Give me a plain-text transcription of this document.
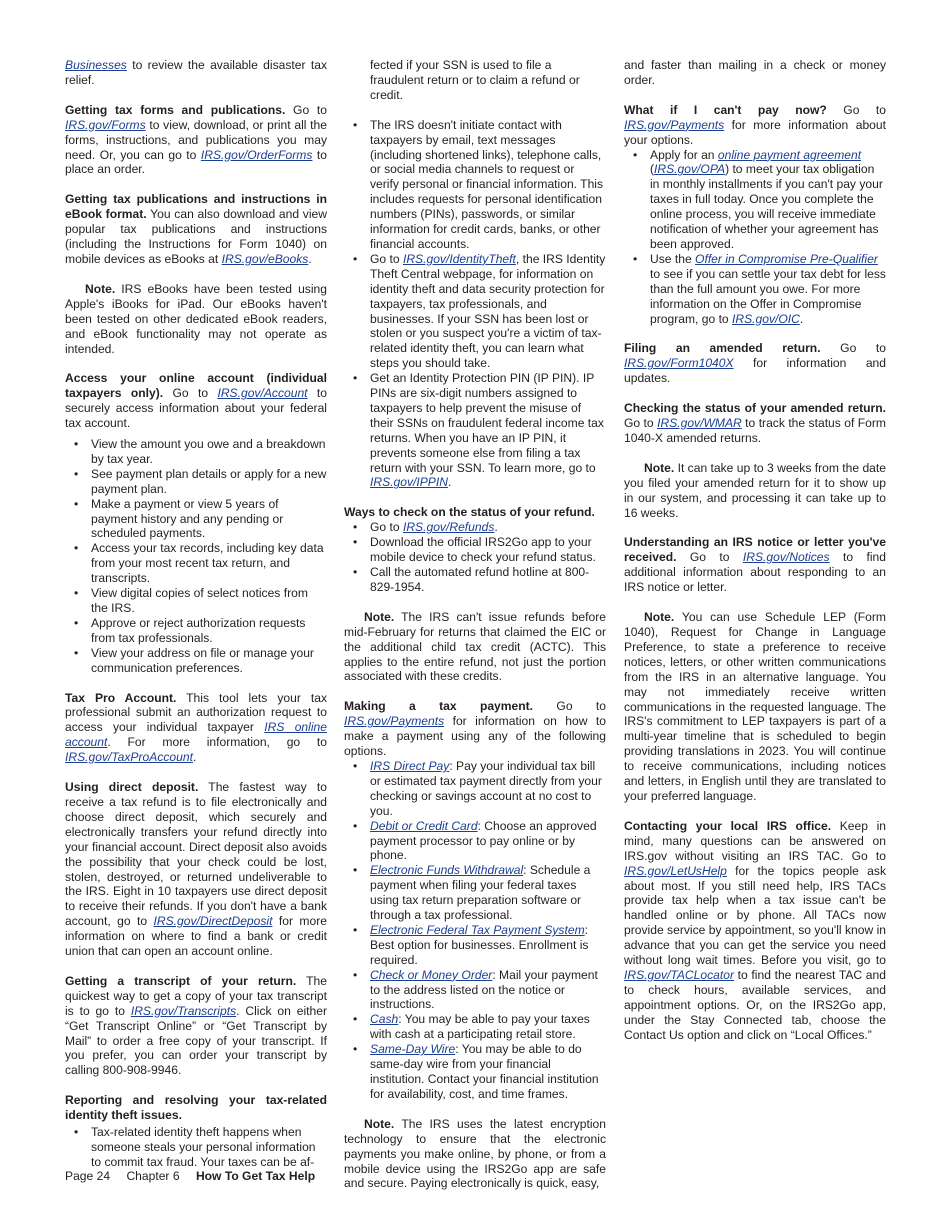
Businesses to review the available disaster tax relief.

Getting tax forms and publications. Go to IRS.gov/Forms to view, download, or print all the forms, instructions, and publications you may need. Or, you can go to IRS.gov/OrderForms to place an order.

Getting tax publications and instructions in eBook format. You can also download and view popular tax publications and instructions (including the Instructions for Form 1040) on mobile devices as eBooks at IRS.gov/eBooks.

Note. IRS eBooks have been tested using Apple's iBooks for iPad. Our eBooks haven't been tested on other dedicated eBook readers, and eBook functionality may not operate as intended.

Access your online account (individual taxpayers only). Go to IRS.gov/Account to securely access information about your federal tax account.

• View the amount you owe and a breakdown by tax year.
• See payment plan details or apply for a new payment plan.
• Make a payment or view 5 years of payment history and any pending or scheduled payments.
• Access your tax records, including key data from your most recent tax return, and transcripts.
• View digital copies of select notices from the IRS.
• Approve or reject authorization requests from tax professionals.
• View your address on file or manage your communication preferences.

Tax Pro Account. This tool lets your tax professional submit an authorization request to access your individual taxpayer IRS online account. For more information, go to IRS.gov/TaxProAccount.

Using direct deposit. The fastest way to receive a tax refund is to file electronically and choose direct deposit, which securely and electronically transfers your refund directly into your financial account. Direct deposit also avoids the possibility that your check could be lost, stolen, destroyed, or returned undeliverable to the IRS. Eight in 10 taxpayers use direct deposit to receive their refunds. If you don't have a bank account, go to IRS.gov/DirectDeposit for more information on where to find a bank or credit union that can open an account online.

Getting a transcript of your return. The quickest way to get a copy of your tax transcript is to go to IRS.gov/Transcripts. Click on either “Get Transcript Online” or “Get Transcript by Mail” to order a free copy of your transcript. If you prefer, you can order your transcript by calling 800-908-9946.

Reporting and resolving your tax-related identity theft issues.

• Tax-related identity theft happens when someone steals your personal information to commit tax fraud. Your taxes can be af-

fected if your SSN is used to file a fraudulent return or to claim a refund or credit.

• The IRS doesn't initiate contact with taxpayers by email, text messages (including shortened links), telephone calls, or social media channels to request or verify personal or financial information. This includes requests for personal identification numbers (PINs), passwords, or similar information for credit cards, banks, or other financial accounts.
• Go to IRS.gov/IdentityTheft, the IRS Identity Theft Central webpage, for information on identity theft and data security protection for taxpayers, tax professionals, and businesses. If your SSN has been lost or stolen or you suspect you're a victim of tax-related identity theft, you can learn what steps you should take.
• Get an Identity Protection PIN (IP PIN). IP PINs are six-digit numbers assigned to taxpayers to help prevent the misuse of their SSNs on fraudulent federal income tax returns. When you have an IP PIN, it prevents someone else from filing a tax return with your SSN. To learn more, go to IRS.gov/IPPIN.

Ways to check on the status of your refund.

• Go to IRS.gov/Refunds.
• Download the official IRS2Go app to your mobile device to check your refund status.
• Call the automated refund hotline at 800-829-1954.

Note. The IRS can't issue refunds before mid-February for returns that claimed the EIC or the additional child tax credit (ACTC). This applies to the entire refund, not just the portion associated with these credits.

Making a tax payment. Go to IRS.gov/Payments for information on how to make a payment using any of the following options.

• IRS Direct Pay: Pay your individual tax bill or estimated tax payment directly from your checking or savings account at no cost to you.
• Debit or Credit Card: Choose an approved payment processor to pay online or by phone.
• Electronic Funds Withdrawal: Schedule a payment when filing your federal taxes using tax return preparation software or through a tax professional.
• Electronic Federal Tax Payment System: Best option for businesses. Enrollment is required.
• Check or Money Order: Mail your payment to the address listed on the notice or instructions.
• Cash: You may be able to pay your taxes with cash at a participating retail store.
• Same-Day Wire: You may be able to do same-day wire from your financial institution. Contact your financial institution for availability, cost, and time frames.

Note. The IRS uses the latest encryption technology to ensure that the electronic payments you make online, by phone, or from a mobile device using the IRS2Go app are safe and secure. Paying electronically is quick, easy,

and faster than mailing in a check or money order.

What if I can't pay now? Go to IRS.gov/Payments for more information about your options.

• Apply for an online payment agreement (IRS.gov/OPA) to meet your tax obligation in monthly installments if you can't pay your taxes in full today. Once you complete the online process, you will receive immediate notification of whether your agreement has been approved.
• Use the Offer in Compromise Pre-Qualifier to see if you can settle your tax debt for less than the full amount you owe. For more information on the Offer in Compromise program, go to IRS.gov/OIC.

Filing an amended return. Go to IRS.gov/Form1040X for information and updates.

Checking the status of your amended return. Go to IRS.gov/WMAR to track the status of Form 1040-X amended returns.

Note. It can take up to 3 weeks from the date you filed your amended return for it to show up in our system, and processing it can take up to 16 weeks.

Understanding an IRS notice or letter you've received. Go to IRS.gov/Notices to find additional information about responding to an IRS notice or letter.

Note. You can use Schedule LEP (Form 1040), Request for Change in Language Preference, to state a preference to receive notices, letters, or other written communications from the IRS in an alternative language. You may not immediately receive written communications in the requested language. The IRS's commitment to LEP taxpayers is part of a multi-year timeline that is scheduled to begin providing translations in 2023. You will continue to receive communications, including notices and letters, in English until they are translated to your preferred language.

Contacting your local IRS office. Keep in mind, many questions can be answered on IRS.gov without visiting an IRS TAC. Go to IRS.gov/LetUsHelp for the topics people ask about most. If you still need help, IRS TACs provide tax help when a tax issue can't be handled online or by phone. All TACs now provide service by appointment, so you'll know in advance that you can get the service you need without long wait times. Before you visit, go to IRS.gov/TACLocator to find the nearest TAC and to check hours, available services, and appointment options. Or, on the IRS2Go app, under the Stay Connected tab, choose the Contact Us option and click on “Local Offices.”

Page 24 Chapter 6 How To Get Tax Help
